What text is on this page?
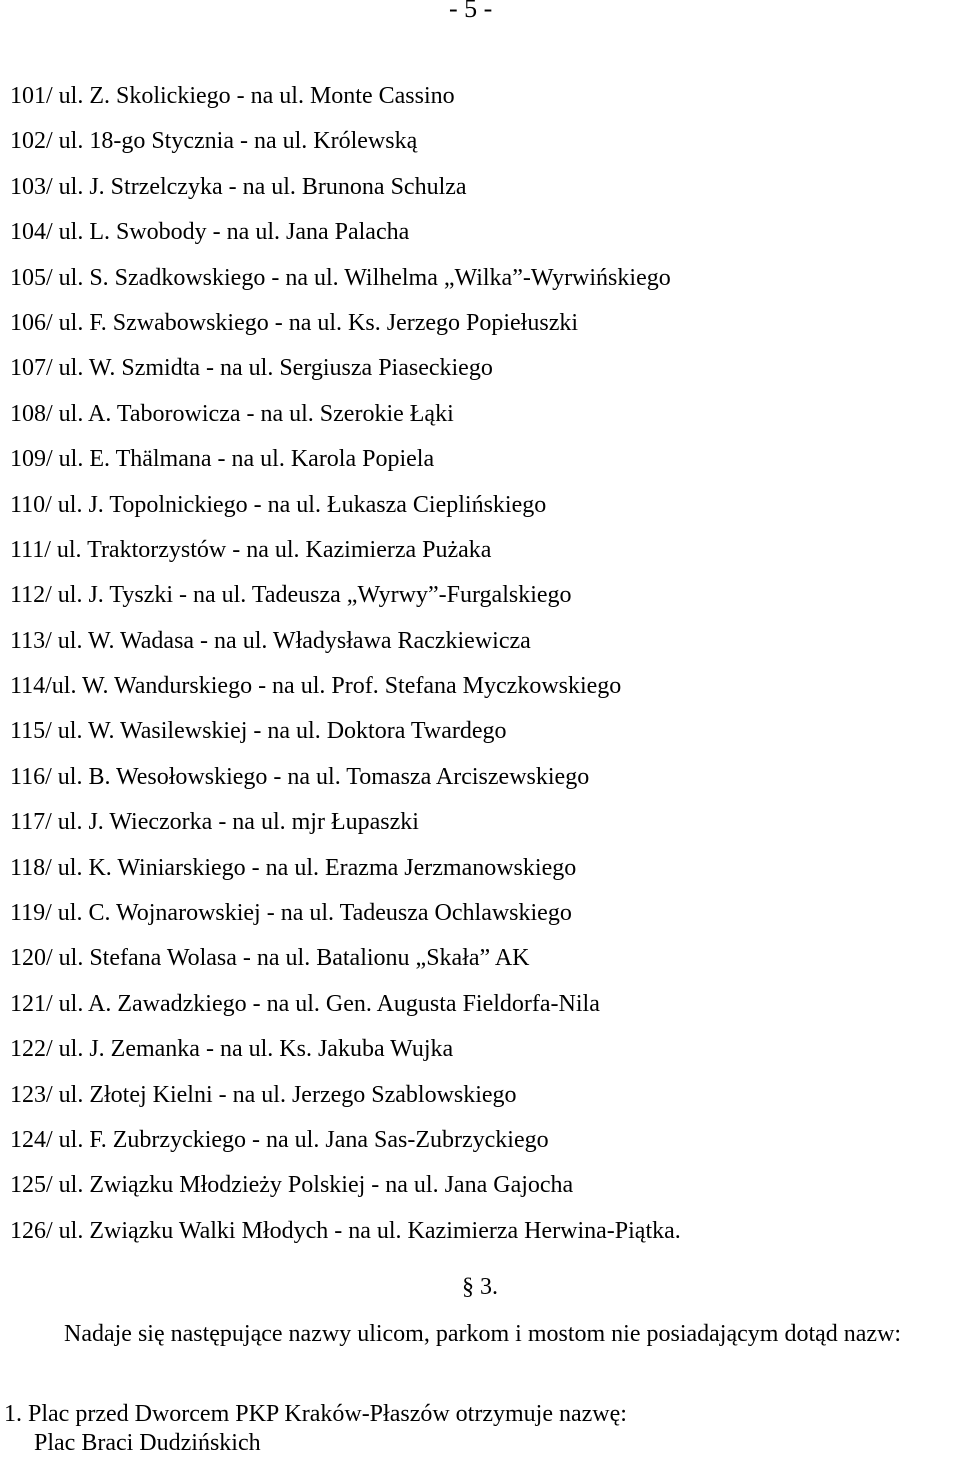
- 5 -
101/ ul. Z. Skolickiego - na ul. Monte Cassino
102/ ul. 18-go Stycznia - na ul. Królewską
103/ ul. J. Strzelczyka - na ul. Brunona Schulza
104/ ul. L. Swobody - na ul. Jana Palacha
105/ ul. S. Szadkowskiego - na ul. Wilhelma „Wilka”-Wyrwińskiego
106/ ul. F. Szwabowskiego - na ul. Ks. Jerzego Popiełuszki
107/ ul. W. Szmidta - na ul. Sergiusza Piaseckiego
108/ ul. A. Taborowicza - na ul. Szerokie Łąki
109/ ul. E. Thälmana - na ul. Karola Popiela
110/ ul. J. Topolnickiego - na ul. Łukasza Cieplińskiego
111/ ul. Traktorzystów - na ul. Kazimierza Pużaka
112/ ul. J. Tyszki - na ul. Tadeusza „Wyrwy”-Furgalskiego
113/ ul. W. Wadasa - na ul. Władysława Raczkiewicza
114/ul. W. Wandurskiego - na ul. Prof. Stefana Myczkowskiego
115/ ul. W. Wasilewskiej - na ul. Doktora Twardego
116/ ul. B. Wesołowskiego - na ul. Tomasza Arciszewskiego
117/ ul. J. Wieczorka - na ul. mjr Łupaszki
118/ ul. K. Winiarskiego - na ul. Erazma Jerzmanowskiego
119/ ul. C. Wojnarowskiej - na ul. Tadeusza Ochlawskiego
120/ ul. Stefana Wolasa - na ul. Batalionu „Skała” AK
121/ ul. A. Zawadzkiego - na ul. Gen. Augusta Fieldorfa-Nila
122/ ul. J. Zemanka - na ul. Ks. Jakuba Wujka
123/ ul. Złotej Kielni - na ul. Jerzego Szablowskiego
124/ ul. F. Zubrzyckiego - na ul. Jana Sas-Zubrzyckiego
125/ ul. Związku Młodzieży Polskiej - na ul. Jana Gajocha
126/ ul. Związku Walki Młodych - na ul. Kazimierza Herwina-Piątka.
§ 3.

Nadaje się następujące nazwy ulicom, parkom i mostom nie posiadającym dotąd nazw:

1. Plac przed Dworcem PKP Kraków-Płaszów otrzymuje nazwę:

Plac Braci Dudzińskich
